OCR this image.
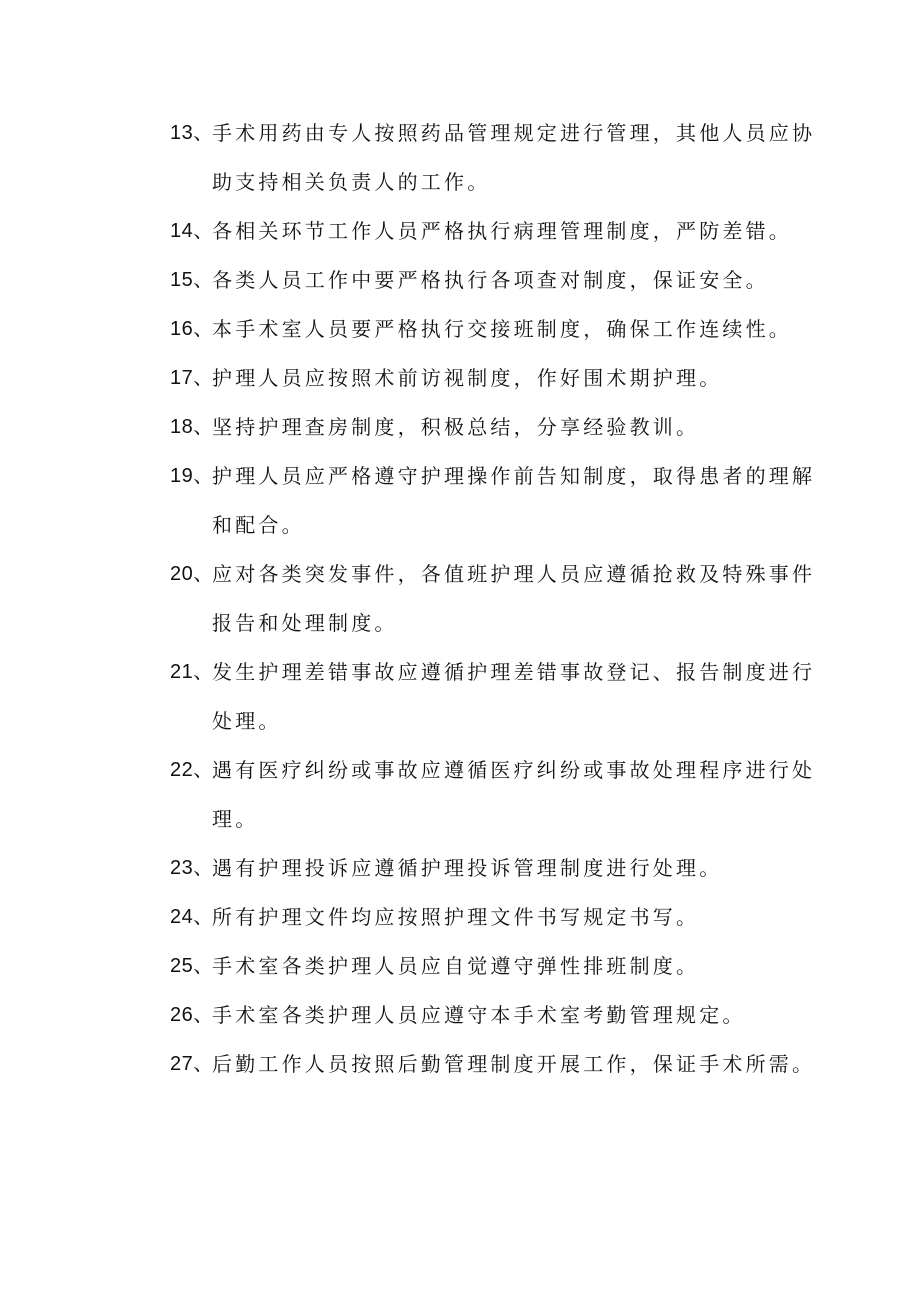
13、
手术用药由专人按照药品管理规定进行管理，其他人员应协
助支持相关负责人的工作。
14、
各相关环节工作人员严格执行病理管理制度，严防差错。
15、
各类人员工作中要严格执行各项查对制度，保证安全。
16、
本手术室人员要严格执行交接班制度，确保工作连续性。
17、
护理人员应按照术前访视制度，作好围术期护理。
18、
坚持护理查房制度，积极总结，分享经验教训。
19、
护理人员应严格遵守护理操作前告知制度，取得患者的理解
和配合。
20、
应对各类突发事件，各值班护理人员应遵循抢救及特殊事件
报告和处理制度。
21、
发生护理差错事故应遵循护理差错事故登记、报告制度进行
处理。
22、
遇有医疗纠纷或事故应遵循医疗纠纷或事故处理程序进行处
理。
23、
遇有护理投诉应遵循护理投诉管理制度进行处理。
24、
所有护理文件均应按照护理文件书写规定书写。
25、
手术室各类护理人员应自觉遵守弹性排班制度。
26、
手术室各类护理人员应遵守本手术室考勤管理规定。
27、
后勤工作人员按照后勤管理制度开展工作，保证手术所需。
